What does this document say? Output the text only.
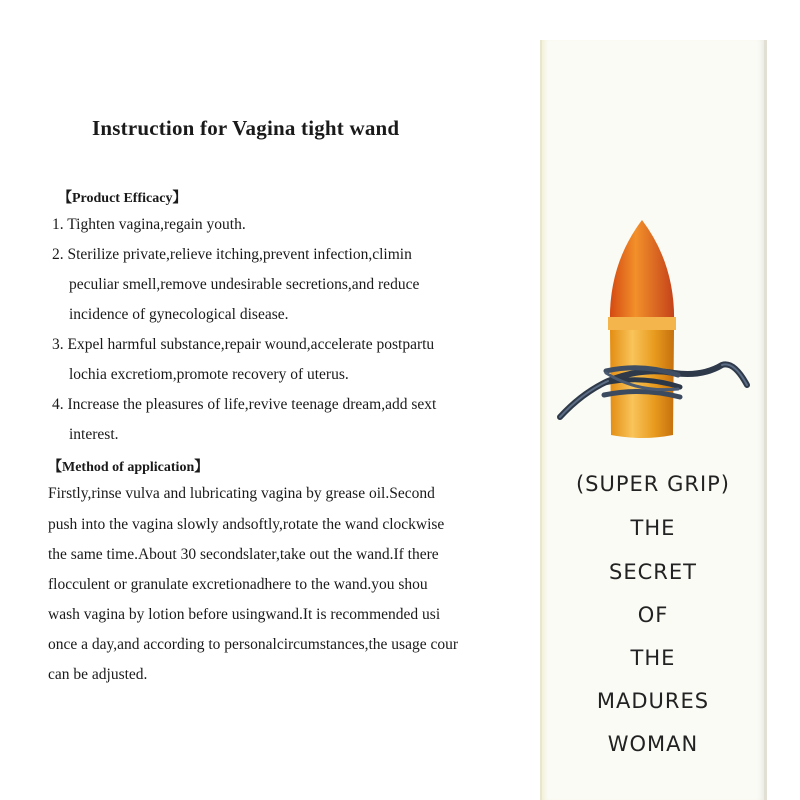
Instruction for Vagina tight wand
【Product Efficacy】
1. Tighten vagina,regain youth.
2. Sterilize private,relieve itching,prevent infection,climin
peculiar smell,remove undesirable secretions,and reduce
incidence of gynecological disease.
3. Expel harmful substance,repair wound,accelerate postpartu
lochia excretiom,promote recovery of uterus.
4. Increase the pleasures of life,revive teenage dream,add sext
interest.
【Method of application】
Firstly,rinse vulva and lubricating vagina by grease oil.Second
push into the vagina slowly andsoftly,rotate the wand clockwise
the same time.About 30 secondslater,take out the wand.If there
flocculent or granulate excretionadhere to the wand.you shou
wash vagina by lotion before usingwand.It is recommended usi
once a day,and according to personalcircumstances,the usage cour
can be adjusted.
(SUPER GRIP)
THE
SECRET
OF
THE
MADURES
WOMAN
